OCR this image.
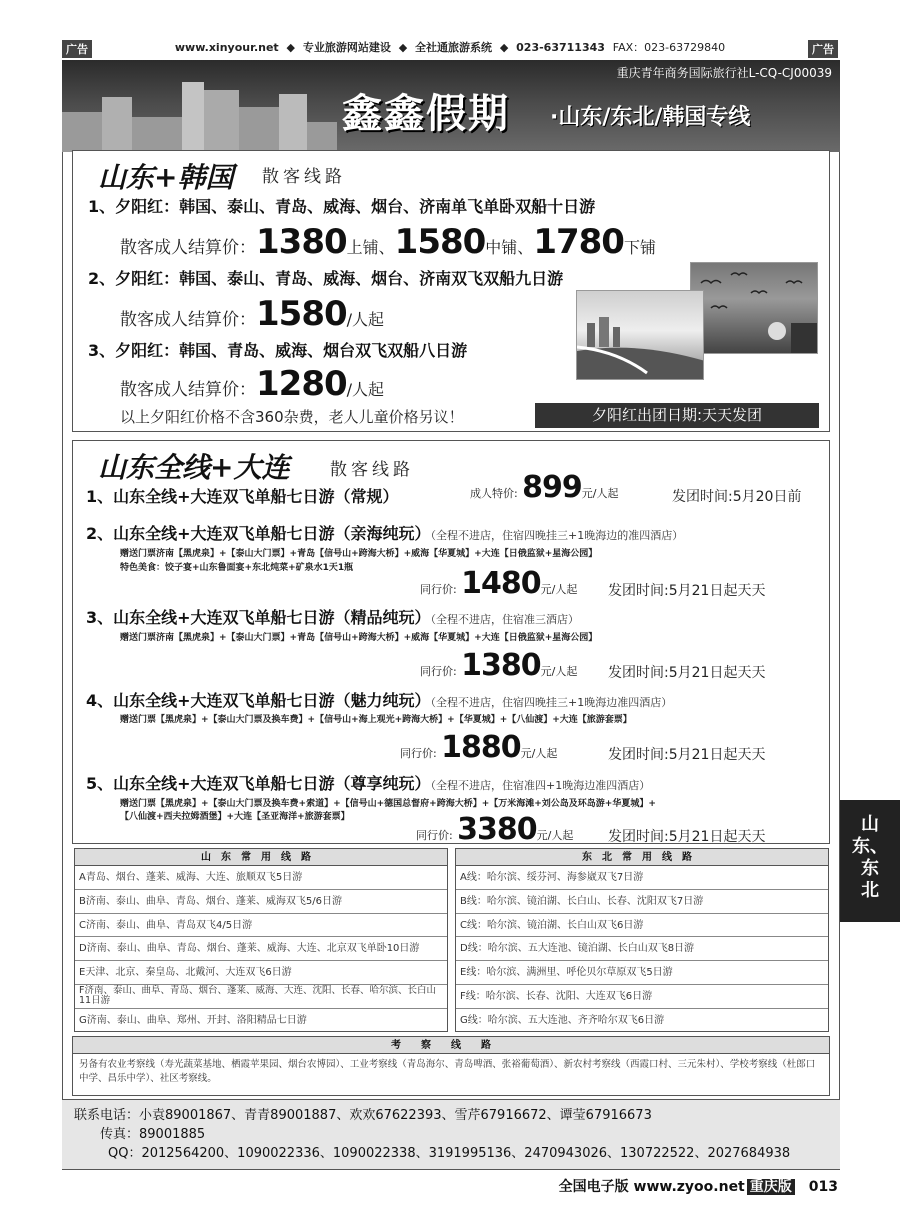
广告	广告
www.xinyour.net ◆ 专业旅游网站建设 ◆ 全社通旅游系统 ◆ 023-63711343 FAX：023-63729840
重庆青年商务国际旅行社L-CQ-CJ00039
鑫鑫假期 ·山东/东北/韩国专线
山东+韩国 散客线路
1、夕阳红：韩国、泰山、青岛、威海、烟台、济南单飞单卧双船十日游
散客成人结算价：1380上铺、1580中铺、1780下铺
2、夕阳红：韩国、泰山、青岛、威海、烟台、济南双飞双船九日游
散客成人结算价：1580/人起
3、夕阳红：韩国、青岛、威海、烟台双飞双船八日游
散客成人结算价：1280/人起
以上夕阳红价格不含360杂费，老人儿童价格另议！	夕阳红出团日期:天天发团
山东全线+大连 散客线路
1、山东全线+大连双飞单船七日游（常规）	成人特价: 899元/人起	发团时间:5月20日前
2、山东全线+大连双飞单船七日游（亲海纯玩）（全程不进店，住宿四晚挂三+1晚海边的准四酒店）
赠送门票济南【黑虎泉】+【泰山大门票】+青岛【信号山+跨海大桥】+威海【华夏城】+大连【日俄监狱+星海公园】
特色美食：饺子宴+山东鲁面宴+东北炖菜+矿泉水1天1瓶
同行价: 1480元/人起 发团时间:5月21日起天天
3、山东全线+大连双飞单船七日游（精品纯玩）（全程不进店，住宿准三酒店）
赠送门票济南【黑虎泉】+【泰山大门票】+青岛【信号山+跨海大桥】+威海【华夏城】+大连【日俄监狱+星海公园】
同行价: 1380元/人起 发团时间:5月21日起天天
4、山东全线+大连双飞单船七日游（魅力纯玩）（全程不进店，住宿四晚挂三+1晚海边准四酒店）
赠送门票【黑虎泉】+【泰山大门票及换车费】+【信号山+海上观光+跨海大桥】+【华夏城】+【八仙渡】+大连【旅游套票】
同行价: 1880元/人起	发团时间:5月21日起天天
5、山东全线+大连双飞单船七日游（尊享纯玩）（全程不进店，住宿准四+1晚海边准四酒店）
赠送门票【黑虎泉】+【泰山大门票及换车费+索道】+【信号山+德国总督府+跨海大桥】+【万米海滩+刘公岛及环岛游+华夏城】+
【八仙渡+西夫拉姆酒堡】+大连【圣亚海洋+旅游套票】
同行价: 3380元/人起 发团时间:5月21日起天天
山
东、
东
北
山东常用线路
A青岛、烟台、蓬莱、威海、大连、旅顺双飞5日游
B济南、泰山、曲阜、青岛、烟台、蓬莱、威海双飞5/6日游
C济南、泰山、曲阜、青岛双飞4/5日游
D济南、泰山、曲阜、青岛、烟台、蓬莱、威海、大连、北京双飞单卧10日游
E天津、北京、秦皇岛、北戴河、大连双飞6日游
F济南、泰山、曲阜、青岛、烟台、蓬莱、威海、大连、沈阳、长春、哈尔滨、长白山11日游
G济南、泰山、曲阜、郑州、开封、洛阳精品七日游
东北常用线路
A线：哈尔滨、绥芬河、海参崴双飞7日游
B线：哈尔滨、镜泊湖、长白山、长春、沈阳双飞7日游
C线：哈尔滨、镜泊湖、长白山双飞6日游
D线：哈尔滨、五大连池、镜泊湖、长白山双飞8日游
E线：哈尔滨、满洲里、呼伦贝尔草原双飞5日游
F线：哈尔滨、长春、沈阳、大连双飞6日游
G线：哈尔滨、五大连池、齐齐哈尔双飞6日游
考察线路
另备有农业考察线（寿光蔬菜基地、栖霞苹果园、烟台农博园）、工业考察线（青岛海尔、青岛啤酒、张裕葡萄酒）、新农村考察线（西霞口村、三元朱村）、学校考察线（杜郎口中学、昌乐中学）、社区考察线。
联系电话：小袁89001867、青青89001887、欢欢67622393、雪芹67916672、谭莹67916673
传真：89001885
QQ：2012564200、1090022336、1090022338、3191995136、2470943026、130722522、2027684938
全国电子版 www.zyoo.net 重庆版 013
